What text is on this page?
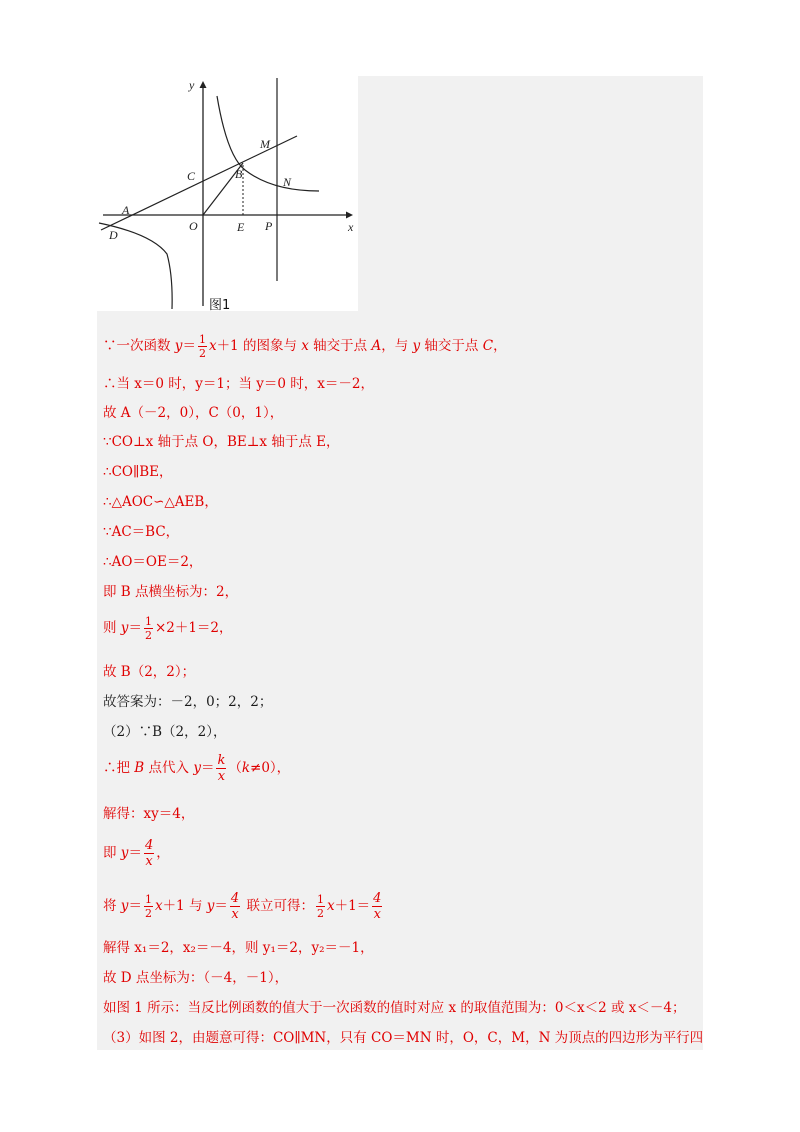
y
x
A
D
C
O
B
E P
M
N
图1
∵一次函数 $y= \frac{1}{2} x+1$ 的图象与 x 轴交于点 A，与 y 轴交于点 C，
∴当 x＝0 时，y＝1；当 y＝0 时，x＝－2，
故 A（－2，0），C（0，1），
∵CO⊥x 轴于点 O，BE⊥x 轴于点 E，
∴CO∥BE，
∴△AOC∽△AEB，
∵AC＝BC，
∴AO＝OE＝2，
即 B 点横坐标为：2，
则 $y= \frac{1}{2} \times 2+1=2$，
故 B（2，2）；
故答案为：－2，0；2，2；
（2）∵B（2，2），
∴把 B 点代入 $y= \frac{k}{x} (k\ne 0)$，
解得：xy＝4，
即 $y= \frac{4}{x}$ ，
将 $y= \frac{1}{2} x+1$ 与 $y= \frac{4}{x}$ 联立可得： $\frac{1}{2} x+1= \frac{4}{x}$
解得 x₁＝2，x₂＝－4，则 y₁＝2，y₂＝－1，
故 D 点坐标为：（－4，－1），
如图 1 所示：当反比例函数的值大于一次函数的值时对应 x 的取值范围为：0＜x＜2 或 x＜－4；
（3）如图 2，由题意可得：CO∥MN，只有 CO＝MN 时，O，C，M，N 为顶点的四边形为平行四
